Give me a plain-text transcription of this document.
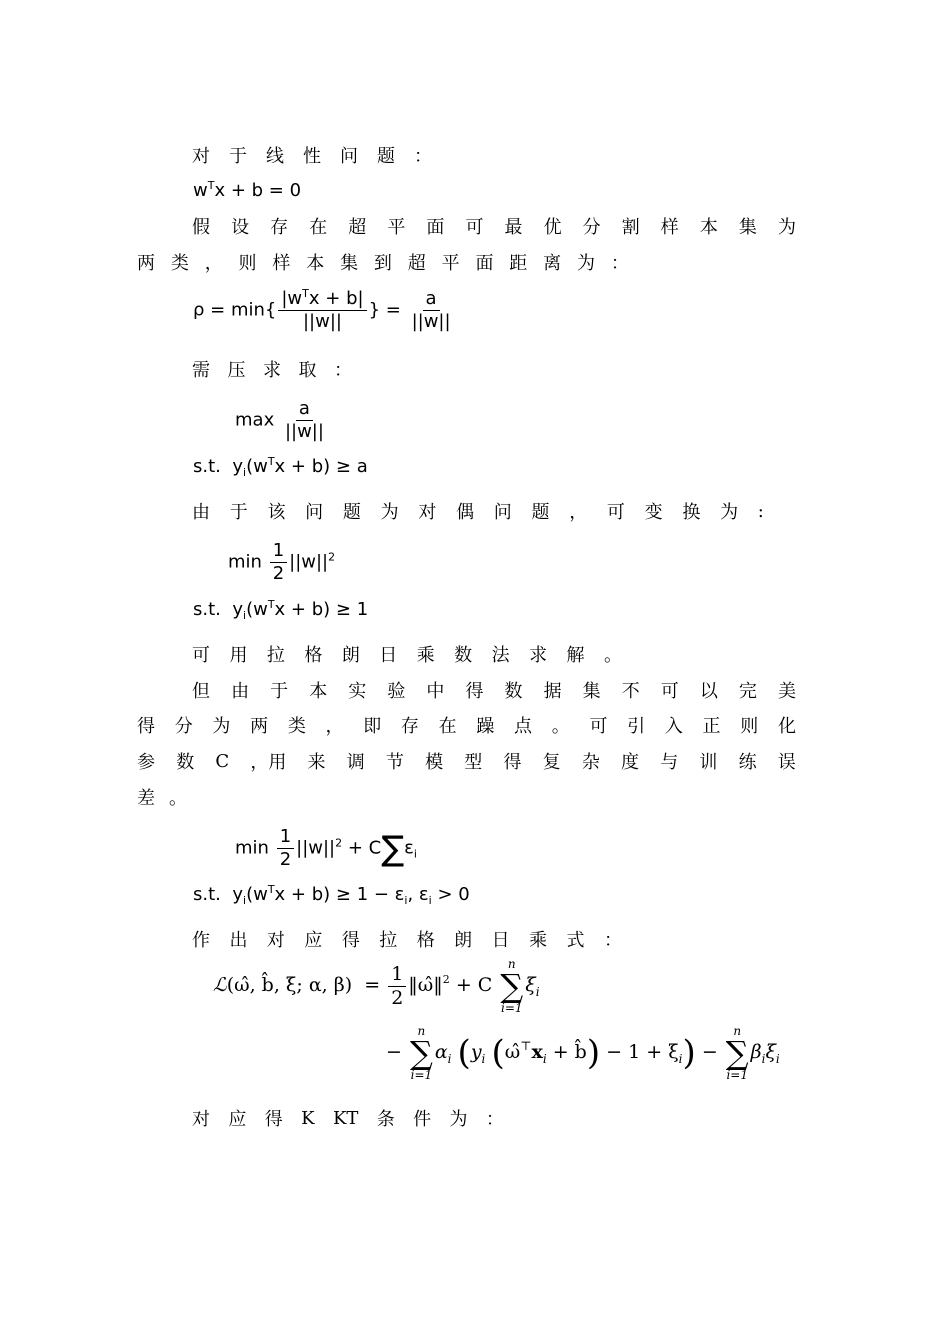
对 于 线 性 问 题 ：
$w^Tx + b = 0$
假 设 存 在 超 平 面 可 最 优 分 割 样 本 集 为
两 类 ， 则 样 本 集 到 超 平 面 距 离 为 ：
$\rho = \min\{ \frac{|w^Tx + b|}{||w||}$ } = $\frac{a}{||w||}$
需 压 求 取 ：
$\max \frac{a}{||w||}$
s.t. $y_i(w^Tx + b) \ge a$
由 于 该 问 题 为 对 偶 问 题 ， 可 变 换 为 :
$\min \frac{1}{2} ||w||^2$
s.t. $y_i(w^Tx + b) \ge 1$
可 用 拉 格 朗 日 乘 数 法 求 解 。
但 由 于 本 实 验 中 得 数 据 集 不 可 以 完 美
得 分 为 两 类 ， 即 存 在 躁 点 。 可 引 入 正 则 化
参 数 C ，用 来 调 节 模 型 得 复 杂 度 与 训 练 误
差 。
$\min \frac{1}{2} ||w||^2 + C\sum\varepsilon_i$
s.t. $y_i(w^Tx + b) \ge 1 - \varepsilon_i$, $\varepsilon_i > 0$
作 出 对 应 得 拉 格 朗 日 乘 式 ：
ℒ(ω̂, b̂, ξ; α, $\beta) = \frac{1}{2}$ ‖ω̂‖$^2$ + C
n
∑
i=1
$\xi_i$
−
n
∑
i=1
$\alpha_i$ ($y_i$ ($\omegâ^⊤x_i$ + b̂) − $1 + \xi_i$) −
n
∑
i=1
$\beta_i\xi_i$
对 应 得 K KT 条 件 为 ：
